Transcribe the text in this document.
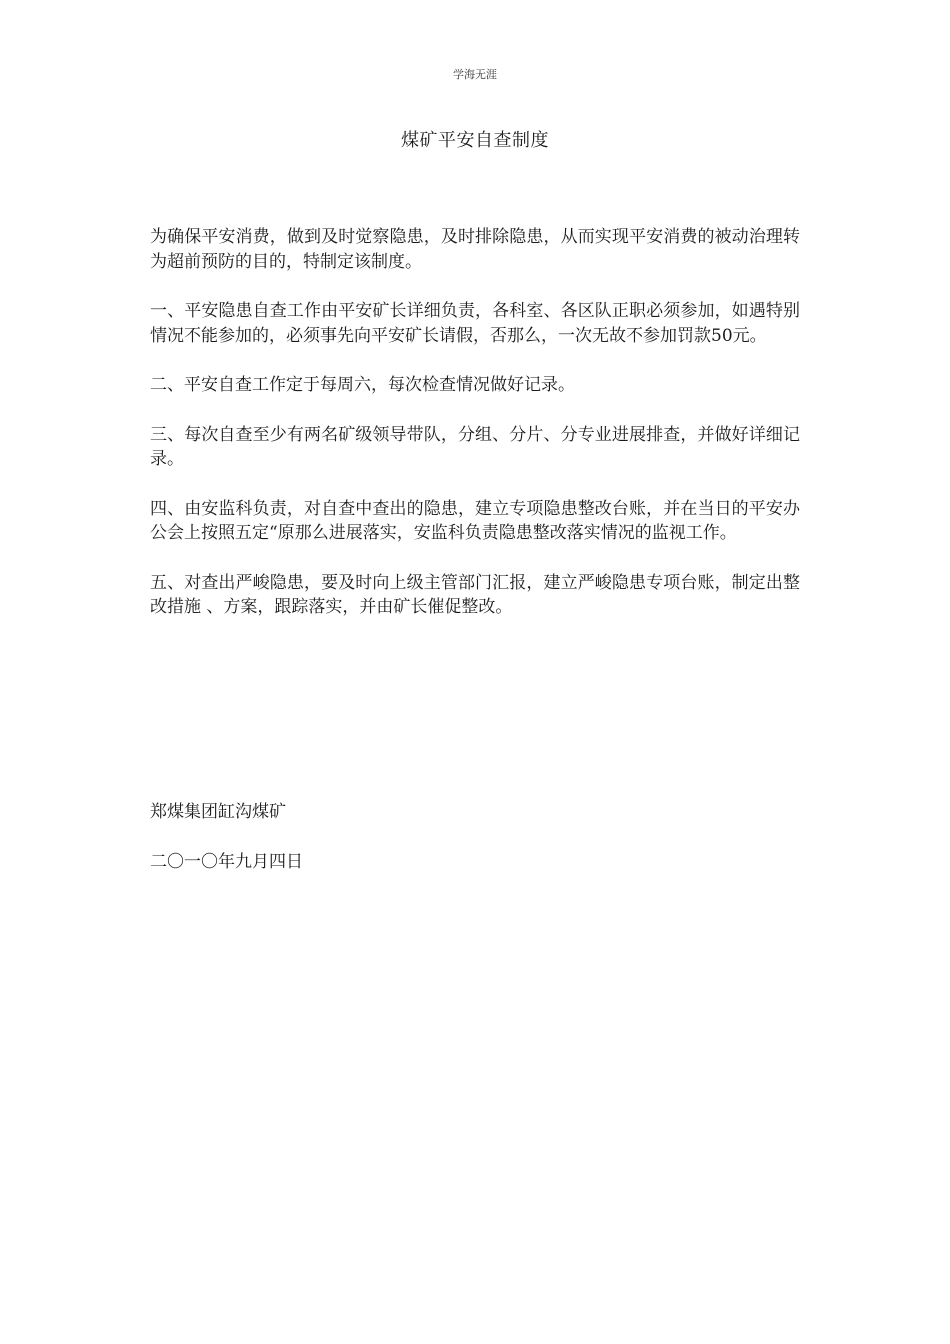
学海无涯
煤矿平安自查制度

为确保平安消费，做到及时觉察隐患，及时排除隐患，从而实现平安消费的被动治理转为超前预防的目的，特制定该制度。

一、平安隐患自查工作由平安矿长详细负责，各科室、各区队正职必须参加，如遇特别情况不能参加的，必须事先向平安矿长请假，否那么，一次无故不参加罚款50元。

二、平安自查工作定于每周六，每次检查情况做好记录。

三、每次自查至少有两名矿级领导带队，分组、分片、分专业进展排查，并做好详细记录。

四、由安监科负责，对自查中查出的隐患，建立专项隐患整改台账，并在当日的平安办公会上按照五定“原那么进展落实，安监科负责隐患整改落实情况的监视工作。

五、对查出严峻隐患，要及时向上级主管部门汇报，建立严峻隐患专项台账，制定出整改措施 、方案，跟踪落实，并由矿长催促整改。

郑煤集团缸沟煤矿
二〇一〇年九月四日
